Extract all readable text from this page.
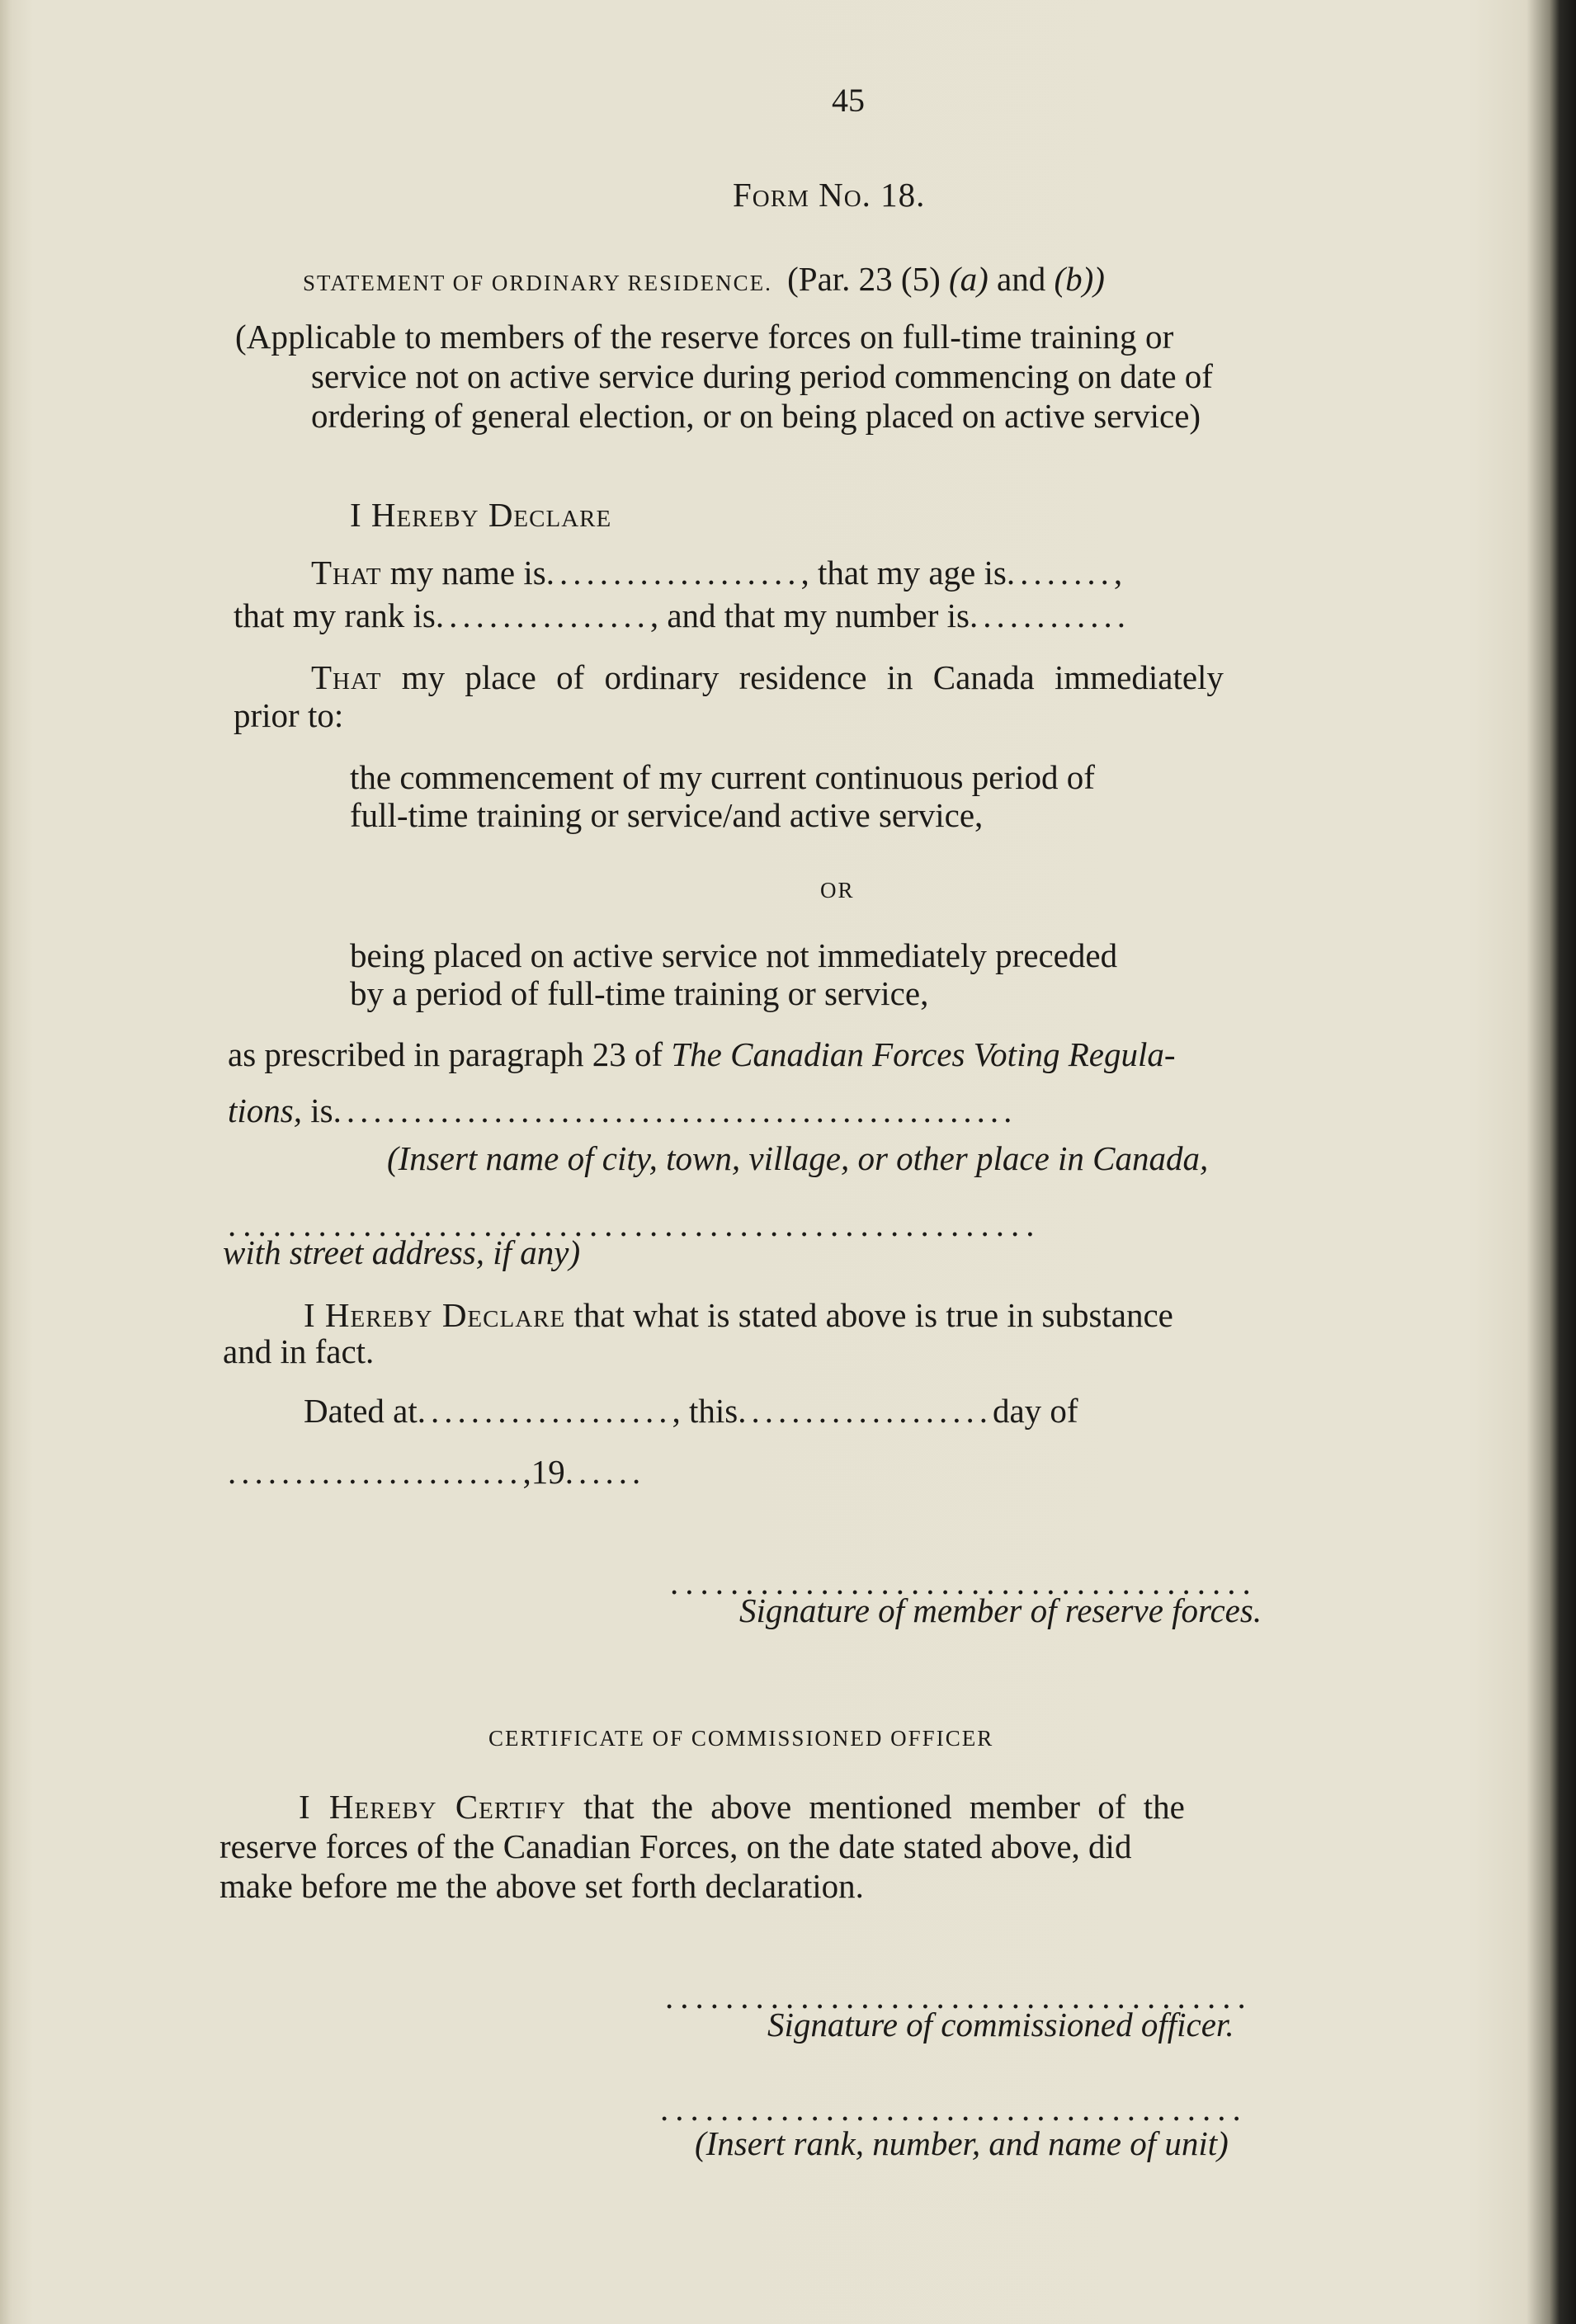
45
Form No. 18.
STATEMENT OF ORDINARY RESIDENCE. (Par. 23 (5) (a) and (b))
(Applicable to members of the reserve forces on full-time training or
service not on active service during period commencing on date of
ordering of general election, or on being placed on active service)
I Hereby Declare
That my name is..................., that my age is........,
that my rank is................, and that my number is............
That my place of ordinary residence in Canada immediately
prior to:
the commencement of my current continuous period of
full-time training or service/and active service,
OR
being placed on active service not immediately preceded
by a period of full-time training or service,
as prescribed in paragraph 23 of The Canadian Forces Voting Regula-
tions, is...................................................
(Insert name of city, town, village, or other place in Canada,
......................................................
with street address, if any)
I Hereby Declare that what is stated above is true in substance
and in fact.
Dated at..................., this...................day of
......................,19......
.......................................
Signature of member of reserve forces.
CERTIFICATE OF COMMISSIONED OFFICER
I Hereby Certify that the above mentioned member of the
reserve forces of the Canadian Forces, on the date stated above, did
make before me the above set forth declaration.
.......................................
Signature of commissioned officer.
.......................................
(Insert rank, number, and name of unit)
